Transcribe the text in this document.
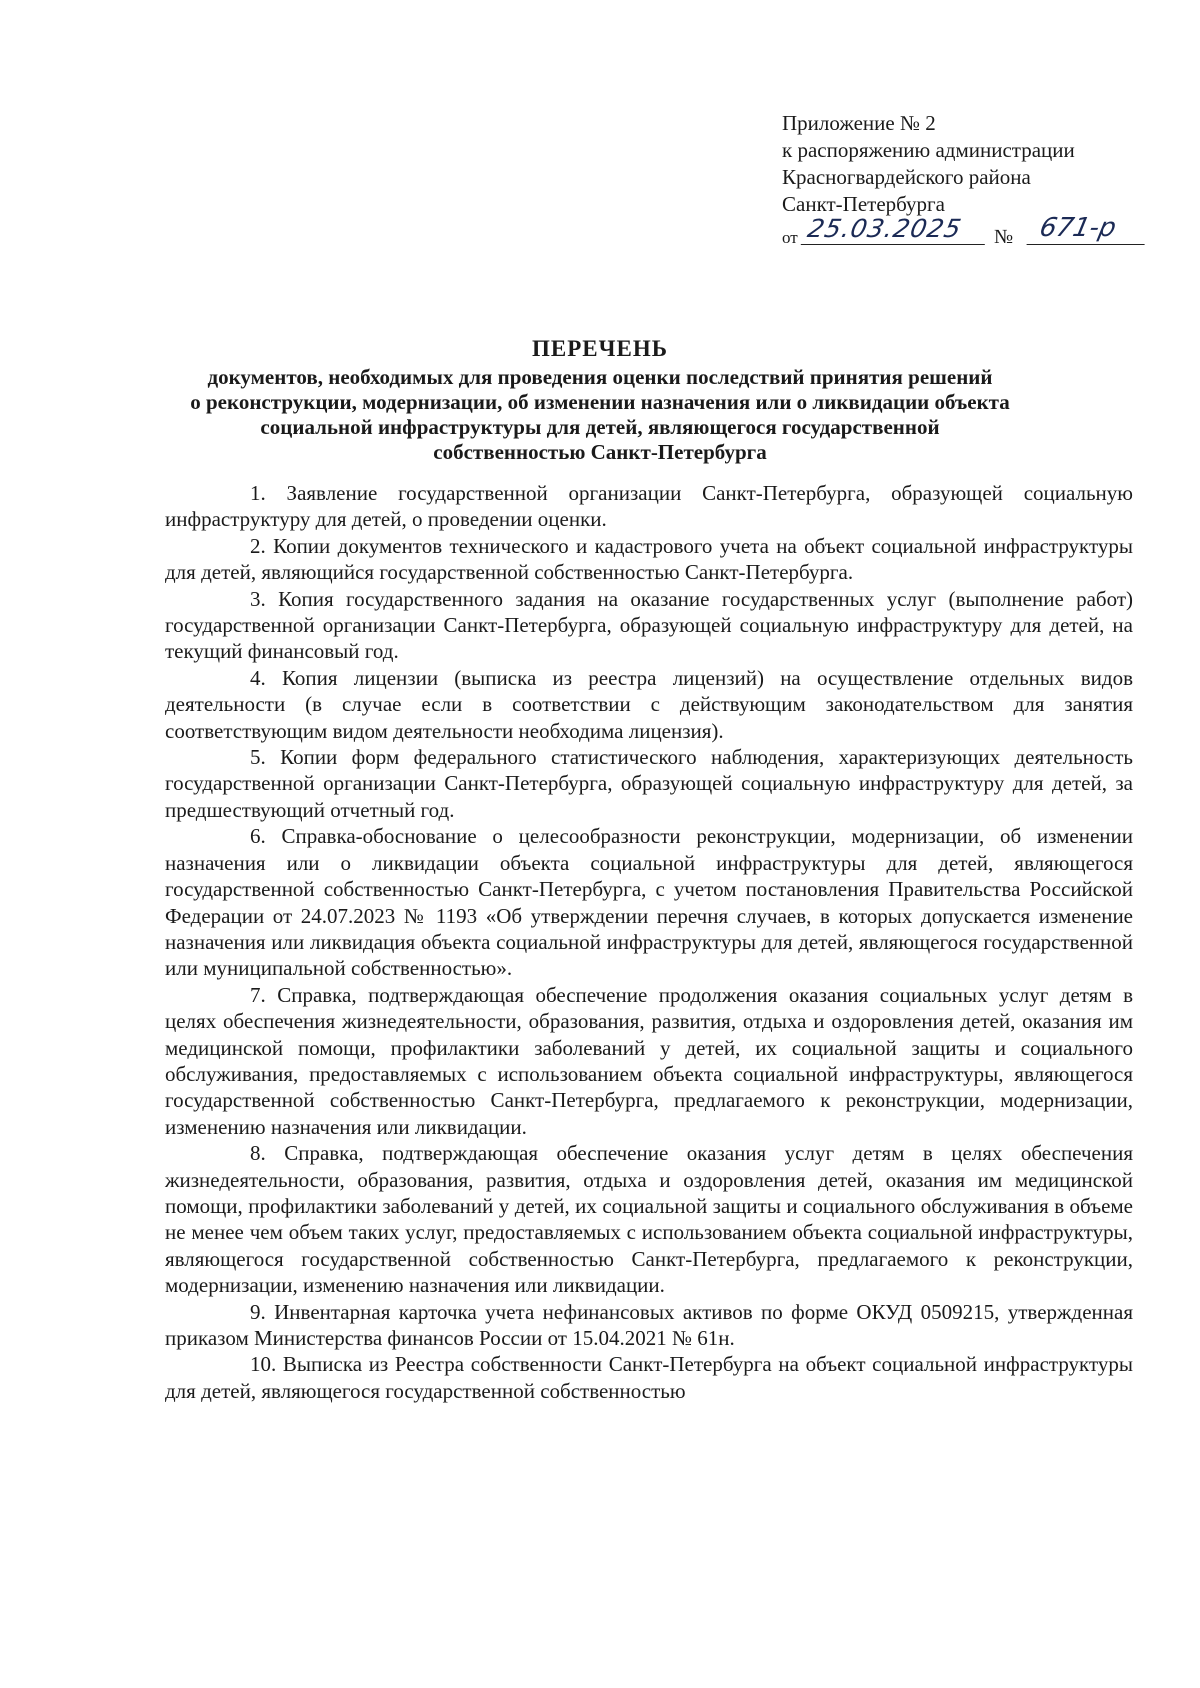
Приложение № 2
к распоряжению администрации
Красногвардейского района
Санкт-Петербурга
от 25.03.2025	№ 671-р
ПЕРЕЧЕНЬ
документов, необходимых для проведения оценки последствий принятия решений
о реконструкции, модернизации, об изменении назначения или о ликвидации объекта
социальной инфраструктуры для детей, являющегося государственной
собственностью Санкт-Петербурга

1. Заявление государственной организации Санкт-Петербурга, образующей социальную инфраструктуру для детей, о проведении оценки.

2. Копии документов технического и кадастрового учета на объект социальной инфраструктуры для детей, являющийся государственной собственностью Санкт-Петербурга.

3. Копия государственного задания на оказание государственных услуг (выполнение работ) государственной организации Санкт-Петербурга, образующей социальную инфраструктуру для детей, на текущий финансовый год.

4. Копия лицензии (выписка из реестра лицензий) на осуществление отдельных видов деятельности (в случае если в соответствии с действующим законодательством для занятия соответствующим видом деятельности необходима лицензия).

5. Копии форм федерального статистического наблюдения, характеризующих деятельность государственной организации Санкт-Петербурга, образующей социальную инфраструктуру для детей, за предшествующий отчетный год.

6. Справка-обоснование о целесообразности реконструкции, модернизации, об изменении назначения или о ликвидации объекта социальной инфраструктуры для детей, являющегося государственной собственностью Санкт-Петербурга, с учетом постановления Правительства Российской Федерации от 24.07.2023 № 1193 «Об утверждении перечня случаев, в которых допускается изменение назначения или ликвидация объекта социальной инфраструктуры для детей, являющегося государственной или муниципальной собственностью».

7. Справка, подтверждающая обеспечение продолжения оказания социальных услуг детям в целях обеспечения жизнедеятельности, образования, развития, отдыха и оздоровления детей, оказания им медицинской помощи, профилактики заболеваний у детей, их социальной защиты и социального обслуживания, предоставляемых с использованием объекта социальной инфраструктуры, являющегося государственной собственностью Санкт-Петербурга, предлагаемого к реконструкции, модернизации, изменению назначения или ликвидации.

8. Справка, подтверждающая обеспечение оказания услуг детям в целях обеспечения жизнедеятельности, образования, развития, отдыха и оздоровления детей, оказания им медицинской помощи, профилактики заболеваний у детей, их социальной защиты и социального обслуживания в объеме не менее чем объем таких услуг, предоставляемых с использованием объекта социальной инфраструктуры, являющегося государственной собственностью Санкт-Петербурга, предлагаемого к реконструкции, модернизации, изменению назначения или ликвидации.

9. Инвентарная карточка учета нефинансовых активов по форме ОКУД 0509215, утвержденная приказом Министерства финансов России от 15.04.2021 № 61н.

10. Выписка из Реестра собственности Санкт-Петербурга на объект социальной инфраструктуры для детей, являющегося государственной собственностью
